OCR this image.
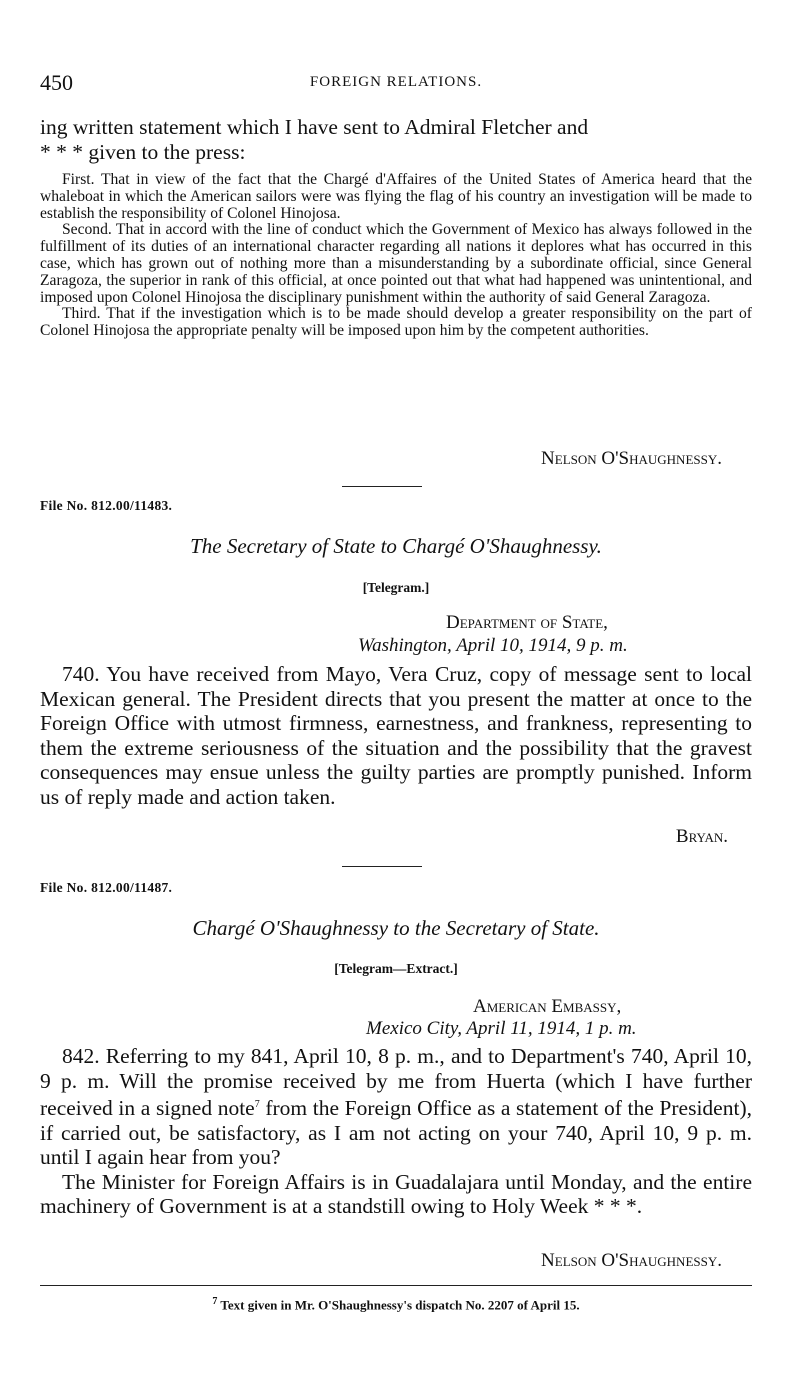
450	FOREIGN RELATIONS.

ing written statement which I have sent to Admiral Fletcher and

* * * given to the press:

First. That in view of the fact that the Chargé d'Affaires of the United States of America heard that the whaleboat in which the American sailors were was flying the flag of his country an investigation will be made to establish the responsibility of Colonel Hinojosa.

Second. That in accord with the line of conduct which the Government of Mexico has always followed in the fulfillment of its duties of an international character regarding all nations it deplores what has occurred in this case, which has grown out of nothing more than a misunderstanding by a subordinate official, since General Zaragoza, the superior in rank of this official, at once pointed out that what had happened was unintentional, and imposed upon Colonel Hinojosa the disciplinary punishment within the authority of said General Zaragoza.

Third. That if the investigation which is to be made should develop a greater responsibility on the part of Colonel Hinojosa the appropriate penalty will be imposed upon him by the competent authorities.

Nelson O'Shaughnessy.
File No. 812.00/11483.
The Secretary of State to Chargé O'Shaughnessy.
[Telegram.]
Department of State,
Washington, April 10, 1914, 9 p. m.

740. You have received from Mayo, Vera Cruz, copy of message sent to local Mexican general. The President directs that you present the matter at once to the Foreign Office with utmost firmness, earnestness, and frankness, representing to them the extreme seriousness of the situation and the possibility that the gravest consequences may ensue unless the guilty parties are promptly punished. Inform us of reply made and action taken.

Bryan.
File No. 812.00/11487.
Chargé O'Shaughnessy to the Secretary of State.
[Telegram—Extract.]
American Embassy,
Mexico City, April 11, 1914, 1 p. m.

842. Referring to my 841, April 10, 8 p. m., and to Department's 740, April 10, 9 p. m. Will the promise received by me from Huerta (which I have further received in a signed note$^7$ from the Foreign Office as a statement of the President), if carried out, be satisfactory, as I am not acting on your 740, April 10, 9 p. m. until I again hear from you?

The Minister for Foreign Affairs is in Guadalajara until Monday, and the entire machinery of Government is at a standstill owing to Holy Week * * *.

Nelson O'Shaughnessy.
$^7$ Text given in Mr. O'Shaughnessy's dispatch No. 2207 of April 15.
